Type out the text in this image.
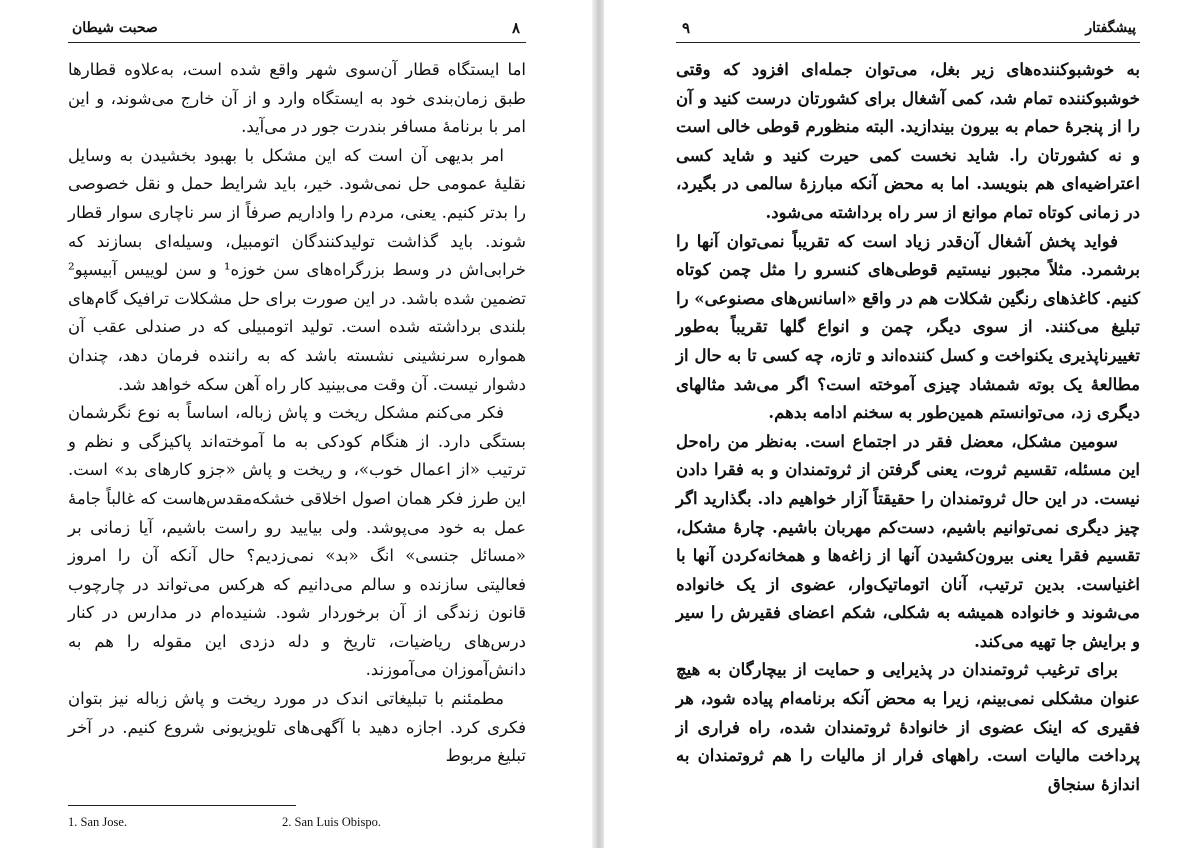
صحبت شیطان	۸

اما ایستگاه قطار آن‌سوی شهر واقع شده است، به‌علاوه قطارها طبق زمان‌بندی خود به ایستگاه وارد و از آن خارج می‌شوند، و این امر با برنامهٔ مسافر بندرت جور در می‌آید.

امر بدیهی آن است که این مشکل با بهبود بخشیدن به وسایل نقلیهٔ عمومی حل نمی‌شود. خیر، باید شرایط حمل و نقل خصوصی را بدتر کنیم. یعنی، مردم را واداریم صرفاً از سر ناچاری سوار قطار شوند. باید گذاشت تولیدکنندگان اتومبیل، وسیله‌ای بسازند که خرابی‌اش در وسط بزرگراه‌های سن خوزه¹ و سن لوییس آبیسپو² تضمین شده باشد. در این صورت برای حل مشکلات ترافیک گام‌های بلندی برداشته شده است. تولید اتومبیلی که در صندلی عقب آن همواره سرنشینی نشسته باشد که به راننده فرمان دهد، چندان دشوار نیست. آن وقت می‌بینید کار راه آهن سکه خواهد شد.

فکر می‌کنم مشکل ریخت و پاش زباله، اساساً به نوع نگرشمان بستگی دارد. از هنگام کودکی به ما آموخته‌اند پاکیزگی و نظم و ترتیب «از اعمال خوب»، و ریخت و پاش «جزو کارهای بد» است. این طرز فکر همان اصول اخلاقی خشکه‌مقدس‌هاست که غالباً جامهٔ عمل به خود می‌پوشد. ولی بیایید رو راست باشیم، آیا زمانی بر «مسائل جنسی» انگ «بد» نمی‌زدیم؟ حال آنکه آن را امروز فعالیتی سازنده و سالم می‌دانیم که هرکس می‌تواند در چارچوب قانون زندگی از آن برخوردار شود. شنیده‌ام در مدارس در کنار درس‌های ریاضیات، تاریخ و دله دزدی این مقوله را هم به دانش‌آموزان می‌آموزند.

مطمئنم با تبلیغاتی اندک در مورد ریخت و پاش زباله نیز بتوان فکری کرد. اجازه دهید با آگهی‌های تلویزیونی شروع کنیم. در آخر تبلیغ مربوط

1. San Jose.	2. San Luis Obispo.
۹	پیشگفتار

به خوشبوکننده‌های زیر بغل، می‌توان جمله‌ای افزود که وقتی خوشبوکننده تمام شد، کمی آشغال برای کشورتان درست کنید و آن را از پنجرهٔ حمام به بیرون بیندازید. البته منظورم قوطی خالی است و نه کشورتان را. شاید نخست کمی حیرت کنید و شاید کسی اعتراضیه‌ای هم بنویسد. اما به محض آنکه مبارزهٔ سالمی در بگیرد، در زمانی کوتاه تمام موانع از سر راه برداشته می‌شود.

فواید پخش آشغال آن‌قدر زیاد است که تقریباً نمی‌توان آنها را برشمرد. مثلاً مجبور نیستیم قوطی‌های کنسرو را مثل چمن کوتاه کنیم. کاغذهای رنگین شکلات هم در واقع «اسانس‌های مصنوعی» را تبلیغ می‌کنند. از سوی دیگر، چمن و انواع گلها تقریباً به‌طور تغییرناپذیری یکنواخت و کسل کننده‌اند و تازه، چه کسی تا به حال از مطالعهٔ یک بوته شمشاد چیزی آموخته است؟ اگر می‌شد مثالهای دیگری زد، می‌توانستم همین‌طور به سخنم ادامه بدهم.

سومین مشکل، معضل فقر در اجتماع است. به‌نظر من راه‌حل این مسئله، تقسیم ثروت، یعنی گرفتن از ثروتمندان و به فقرا دادن نیست. در این حال ثروتمندان را حقیقتاً آزار خواهیم داد. بگذارید اگر چیز دیگری نمی‌توانیم باشیم، دست‌کم مهربان باشیم. چارهٔ مشکل، تقسیم فقرا یعنی بیرون‌کشیدن آنها از زاغه‌ها و همخانه‌کردن آنها با اغنیاست. بدین ترتیب، آنان اتوماتیک‌وار، عضوی از یک خانواده می‌شوند و خانواده همیشه به شکلی، شکم اعضای فقیرش را سیر و برایش جا تهیه می‌کند.

برای ترغیب ثروتمندان در پذیرایی و حمایت از بیچارگان به هیچ عنوان مشکلی نمی‌بینم، زیرا به محض آنکه برنامه‌ام پیاده شود، هر فقیری که اینک عضوی از خانوادهٔ ثروتمندان شده، راه فراری از پرداخت مالیات است. راههای فرار از مالیات را هم ثروتمندان به اندازهٔ سنجاق
